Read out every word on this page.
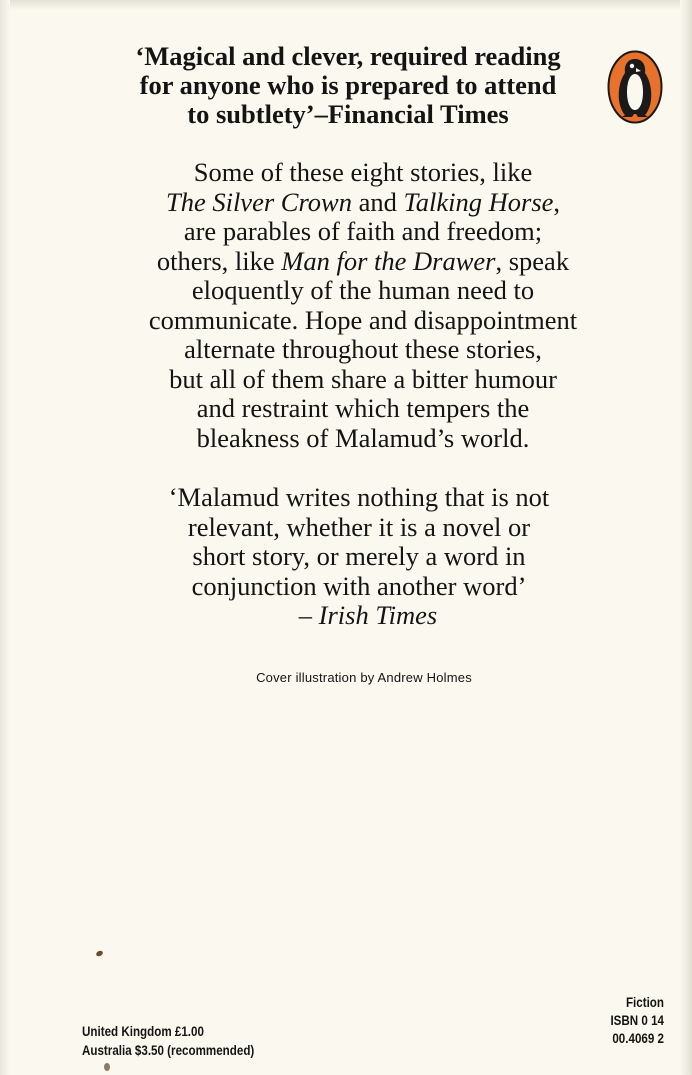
‘Magical and clever, required reading
for anyone who is prepared to attend
to subtlety’–Financial Times
Some of these eight stories, like
The Silver Crown and Talking Horse,
are parables of faith and freedom;
others, like Man for the Drawer, speak
eloquently of the human need to
communicate. Hope and disappointment
alternate throughout these stories,
but all of them share a bitter humour
and restraint which tempers the
bleakness of Malamud’s world.
‘Malamud writes nothing that is not
relevant, whether it is a novel or
short story, or merely a word in
conjunction with another word’
– Irish Times
Cover illustration by Andrew Holmes
Fiction
ISBN 0 14
00.4069 2
United Kingdom £1.00
Australia $3.50 (recommended)
